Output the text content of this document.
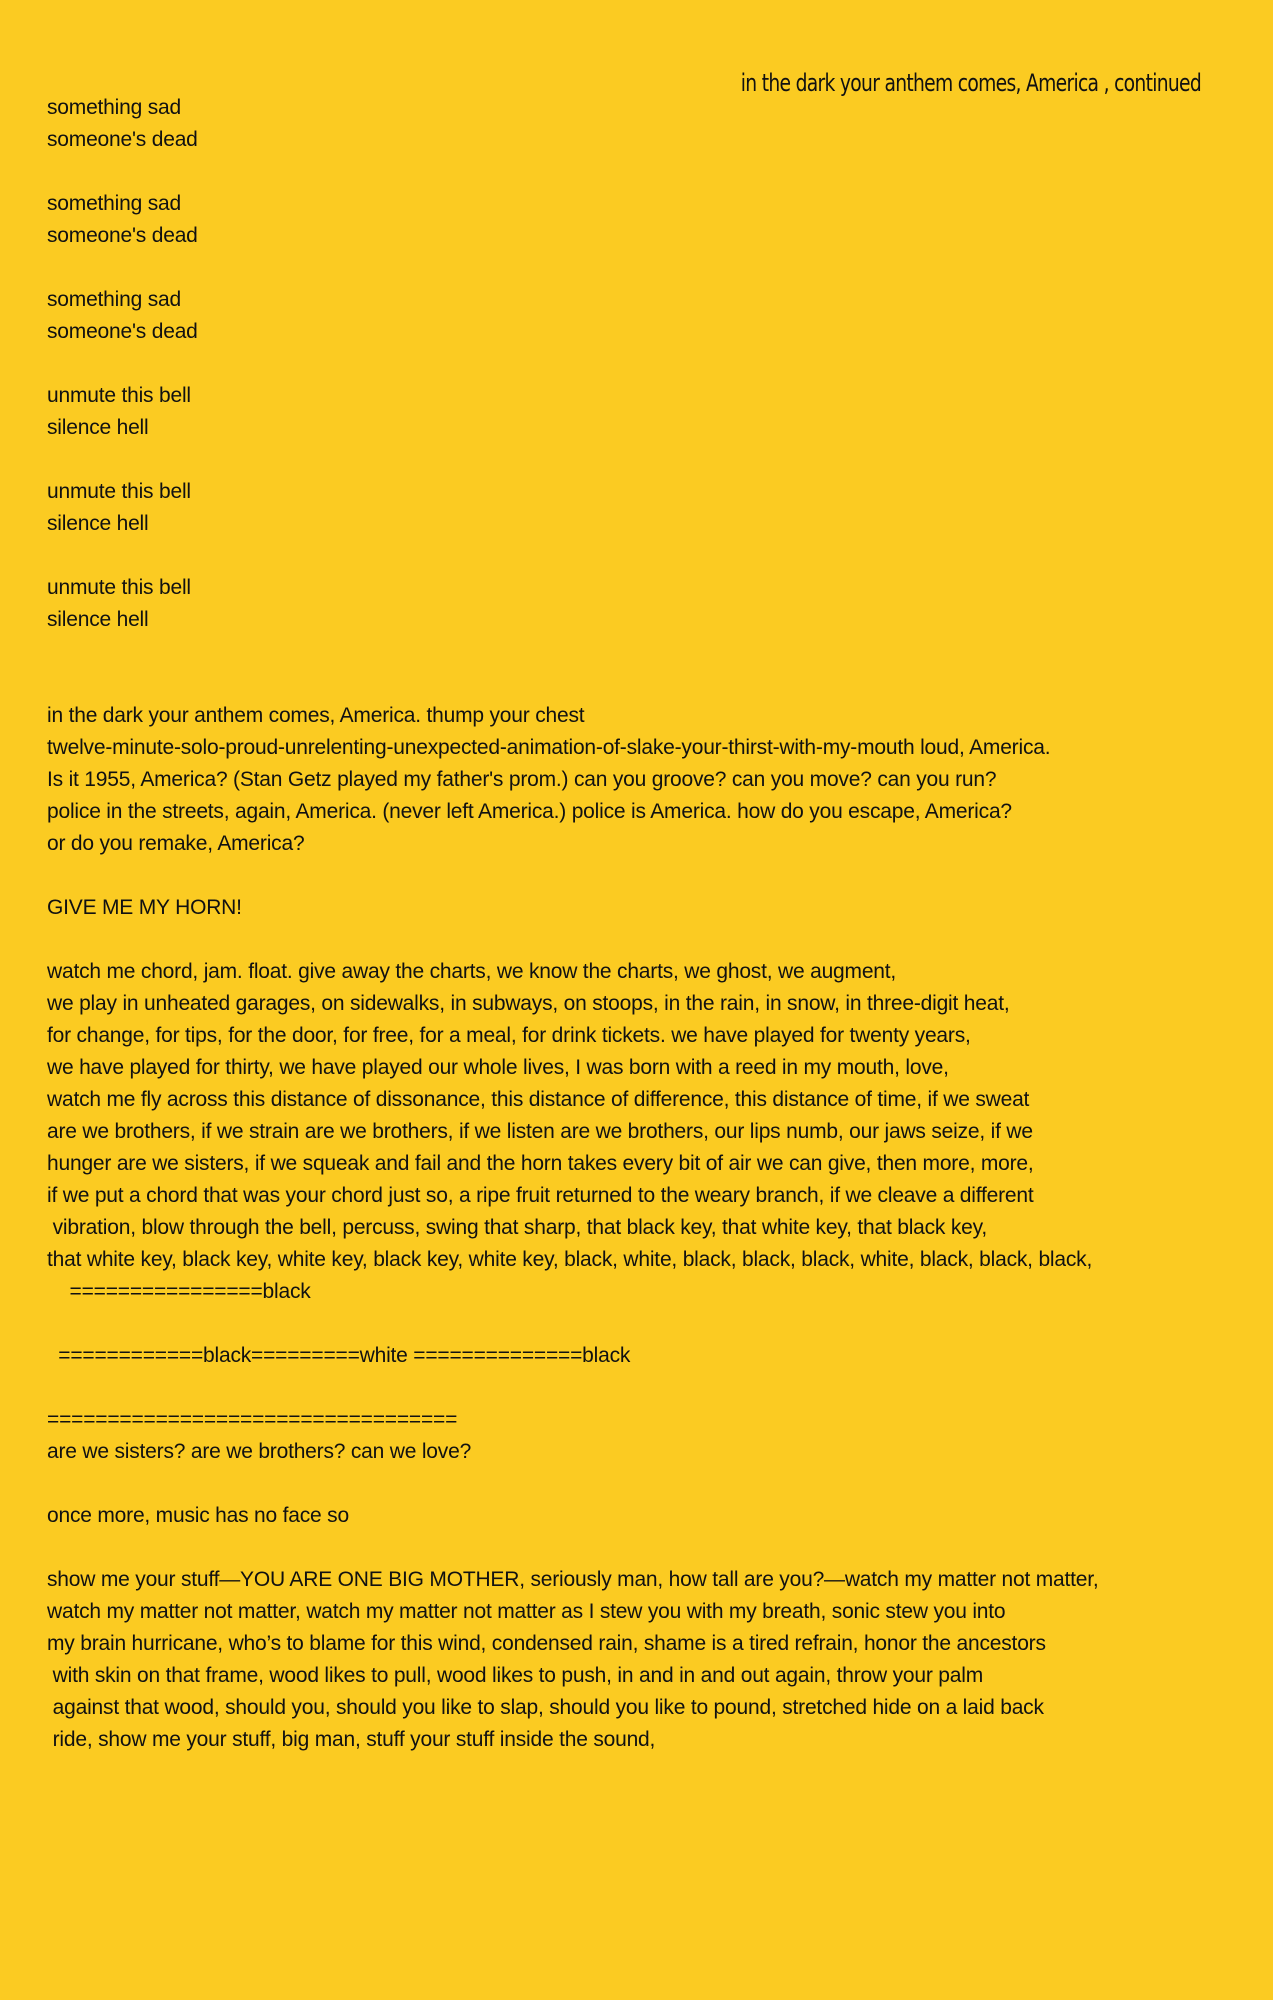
in the dark your anthem comes, America , continued
something sad
someone's dead
something sad
someone's dead
something sad
someone's dead
unmute this bell
silence hell
unmute this bell
silence hell
unmute this bell
silence hell
in the dark your anthem comes, America. thump your chest
twelve-minute-solo-proud-unrelenting-unexpected-animation-of-slake-your-thirst-with-my-mouth loud, America.
Is it 1955, America? (Stan Getz played my father's prom.) can you groove? can you move? can you run?
police in the streets, again, America. (never left America.) police is America. how do you escape, America?
or do you remake, America?
GIVE ME MY HORN!
watch me chord, jam. float. give away the charts, we know the charts, we ghost, we augment,
we play in unheated garages, on sidewalks, in subways, on stoops, in the rain, in snow, in three-digit heat,
for change, for tips, for the door, for free, for a meal, for drink tickets. we have played for twenty years,
we have played for thirty, we have played our whole lives, I was born with a reed in my mouth, love,
watch me fly across this distance of dissonance, this distance of difference, this distance of time, if we sweat
are we brothers, if we strain are we brothers, if we listen are we brothers, our lips numb, our jaws seize, if we
hunger are we sisters, if we squeak and fail and the horn takes every bit of air we can give, then more, more,
if we put a chord that was your chord just so, a ripe fruit returned to the weary branch, if we cleave a different
vibration, blow through the bell, percuss, swing that sharp, that black key, that white key, that black key,
that white key, black key, white key, black key, white key, black, white, black, black, black, white, black, black, black,
================black
============black=========white ==============black
==================================
are we sisters? are we brothers? can we love?
once more, music has no face so
show me your stuff—YOU ARE ONE BIG MOTHER, seriously man, how tall are you?—watch my matter not matter,
watch my matter not matter, watch my matter not matter as I stew you with my breath, sonic stew you into
my brain hurricane, who’s to blame for this wind, condensed rain, shame is a tired refrain, honor the ancestors
with skin on that frame, wood likes to pull, wood likes to push, in and in and out again, throw your palm
against that wood, should you, should you like to slap, should you like to pound, stretched hide on a laid back
ride, show me your stuff, big man, stuff your stuff inside the sound,
